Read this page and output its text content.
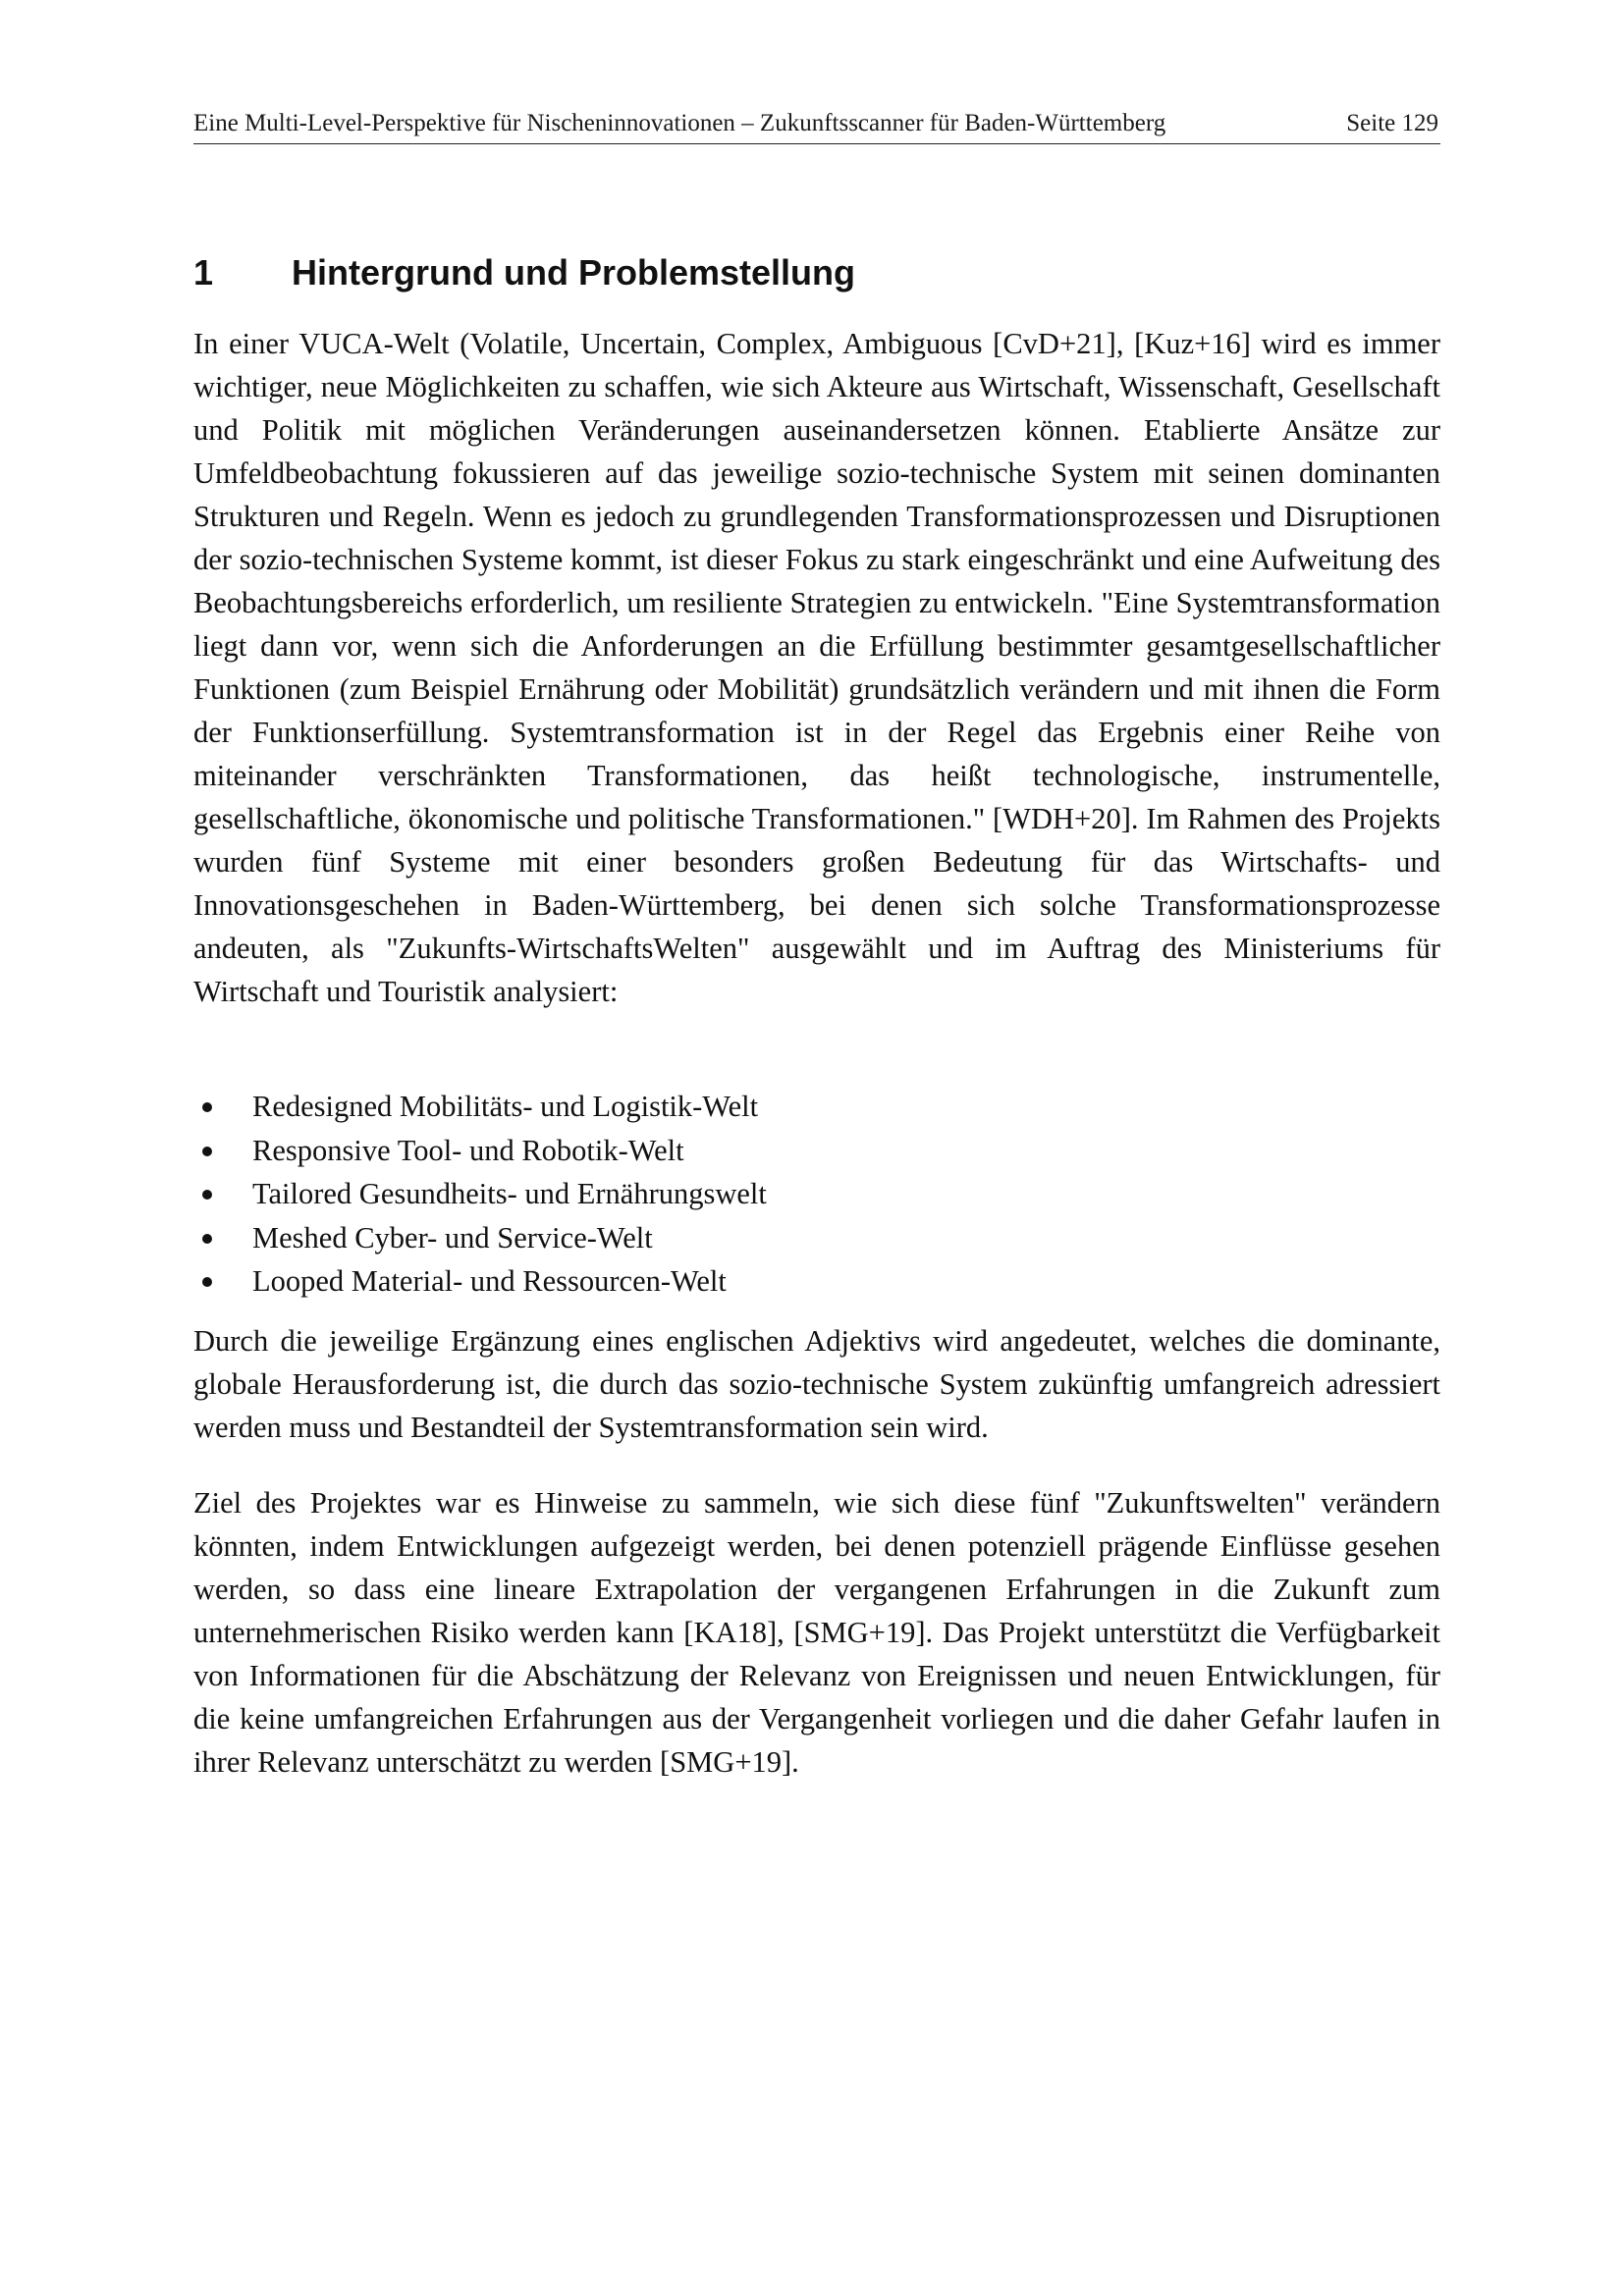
Eine Multi-Level-Perspektive für Nischeninnovationen – Zukunftsscanner für Baden-Württemberg	Seite 129
1 Hintergrund und Problemstellung

In einer VUCA-Welt (Volatile, Uncertain, Complex, Ambiguous [CvD+21], [Kuz+16] wird es immer wichtiger, neue Möglichkeiten zu schaffen, wie sich Akteure aus Wirtschaft, Wissenschaft, Gesellschaft und Politik mit möglichen Veränderungen auseinandersetzen können. Etablierte Ansätze zur Umfeldbeobachtung fokussieren auf das jeweilige sozio-technische System mit seinen dominanten Strukturen und Regeln. Wenn es jedoch zu grundlegenden Transformationsprozessen und Disruptionen der sozio-technischen Systeme kommt, ist dieser Fokus zu stark eingeschränkt und eine Aufweitung des Beobachtungsbereichs erforderlich, um resiliente Strategien zu entwickeln. "Eine Systemtransformation liegt dann vor, wenn sich die Anforderungen an die Erfüllung bestimmter gesamtgesellschaftlicher Funktionen (zum Beispiel Ernährung oder Mobilität) grundsätzlich verändern und mit ihnen die Form der Funktionserfüllung. Systemtransformation ist in der Regel das Ergebnis einer Reihe von miteinander verschränkten Transformationen, das heißt technologische, instrumentelle, gesellschaftliche, ökonomische und politische Transformationen." [WDH+20]. Im Rahmen des Projekts wurden fünf Systeme mit einer besonders großen Bedeutung für das Wirtschafts- und Innovationsgeschehen in Baden-Württemberg, bei denen sich solche Transformationsprozesse andeuten, als "Zukunfts-WirtschaftsWelten" ausgewählt und im Auftrag des Ministeriums für Wirtschaft und Touristik analysiert:

Redesigned Mobilitäts- und Logistik-Welt
Responsive Tool- und Robotik-Welt
Tailored Gesundheits- und Ernährungswelt
Meshed Cyber- und Service-Welt
Looped Material- und Ressourcen-Welt

Durch die jeweilige Ergänzung eines englischen Adjektivs wird angedeutet, welches die dominante, globale Herausforderung ist, die durch das sozio-technische System zukünftig umfangreich adressiert werden muss und Bestandteil der Systemtransformation sein wird.

Ziel des Projektes war es Hinweise zu sammeln, wie sich diese fünf "Zukunftswelten" verändern könnten, indem Entwicklungen aufgezeigt werden, bei denen potenziell prägende Einflüsse gesehen werden, so dass eine lineare Extrapolation der vergangenen Erfahrungen in die Zukunft zum unternehmerischen Risiko werden kann [KA18], [SMG+19]. Das Projekt unterstützt die Verfügbarkeit von Informationen für die Abschätzung der Relevanz von Ereignissen und neuen Entwicklungen, für die keine umfangreichen Erfahrungen aus der Vergangenheit vorliegen und die daher Gefahr laufen in ihrer Relevanz unterschätzt zu werden [SMG+19].
